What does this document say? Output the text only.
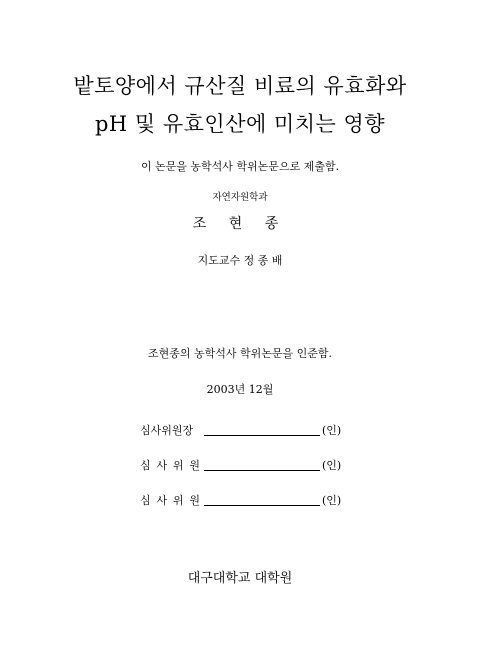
밭토양에서 규산질 비료의 유효화와
pH 및 유효인산에 미치는 영향
이 논문을 농학석사 학위논문으로 제출함.
자연자원학과
조 현 종
지도교수 정 종 배
조현종의 농학석사 학위논문을 인준함.
2003년 12월
심사위원장	(인)
심 사 위 원	(인)
심 사 위 원	(인)
대구대학교 대학원
